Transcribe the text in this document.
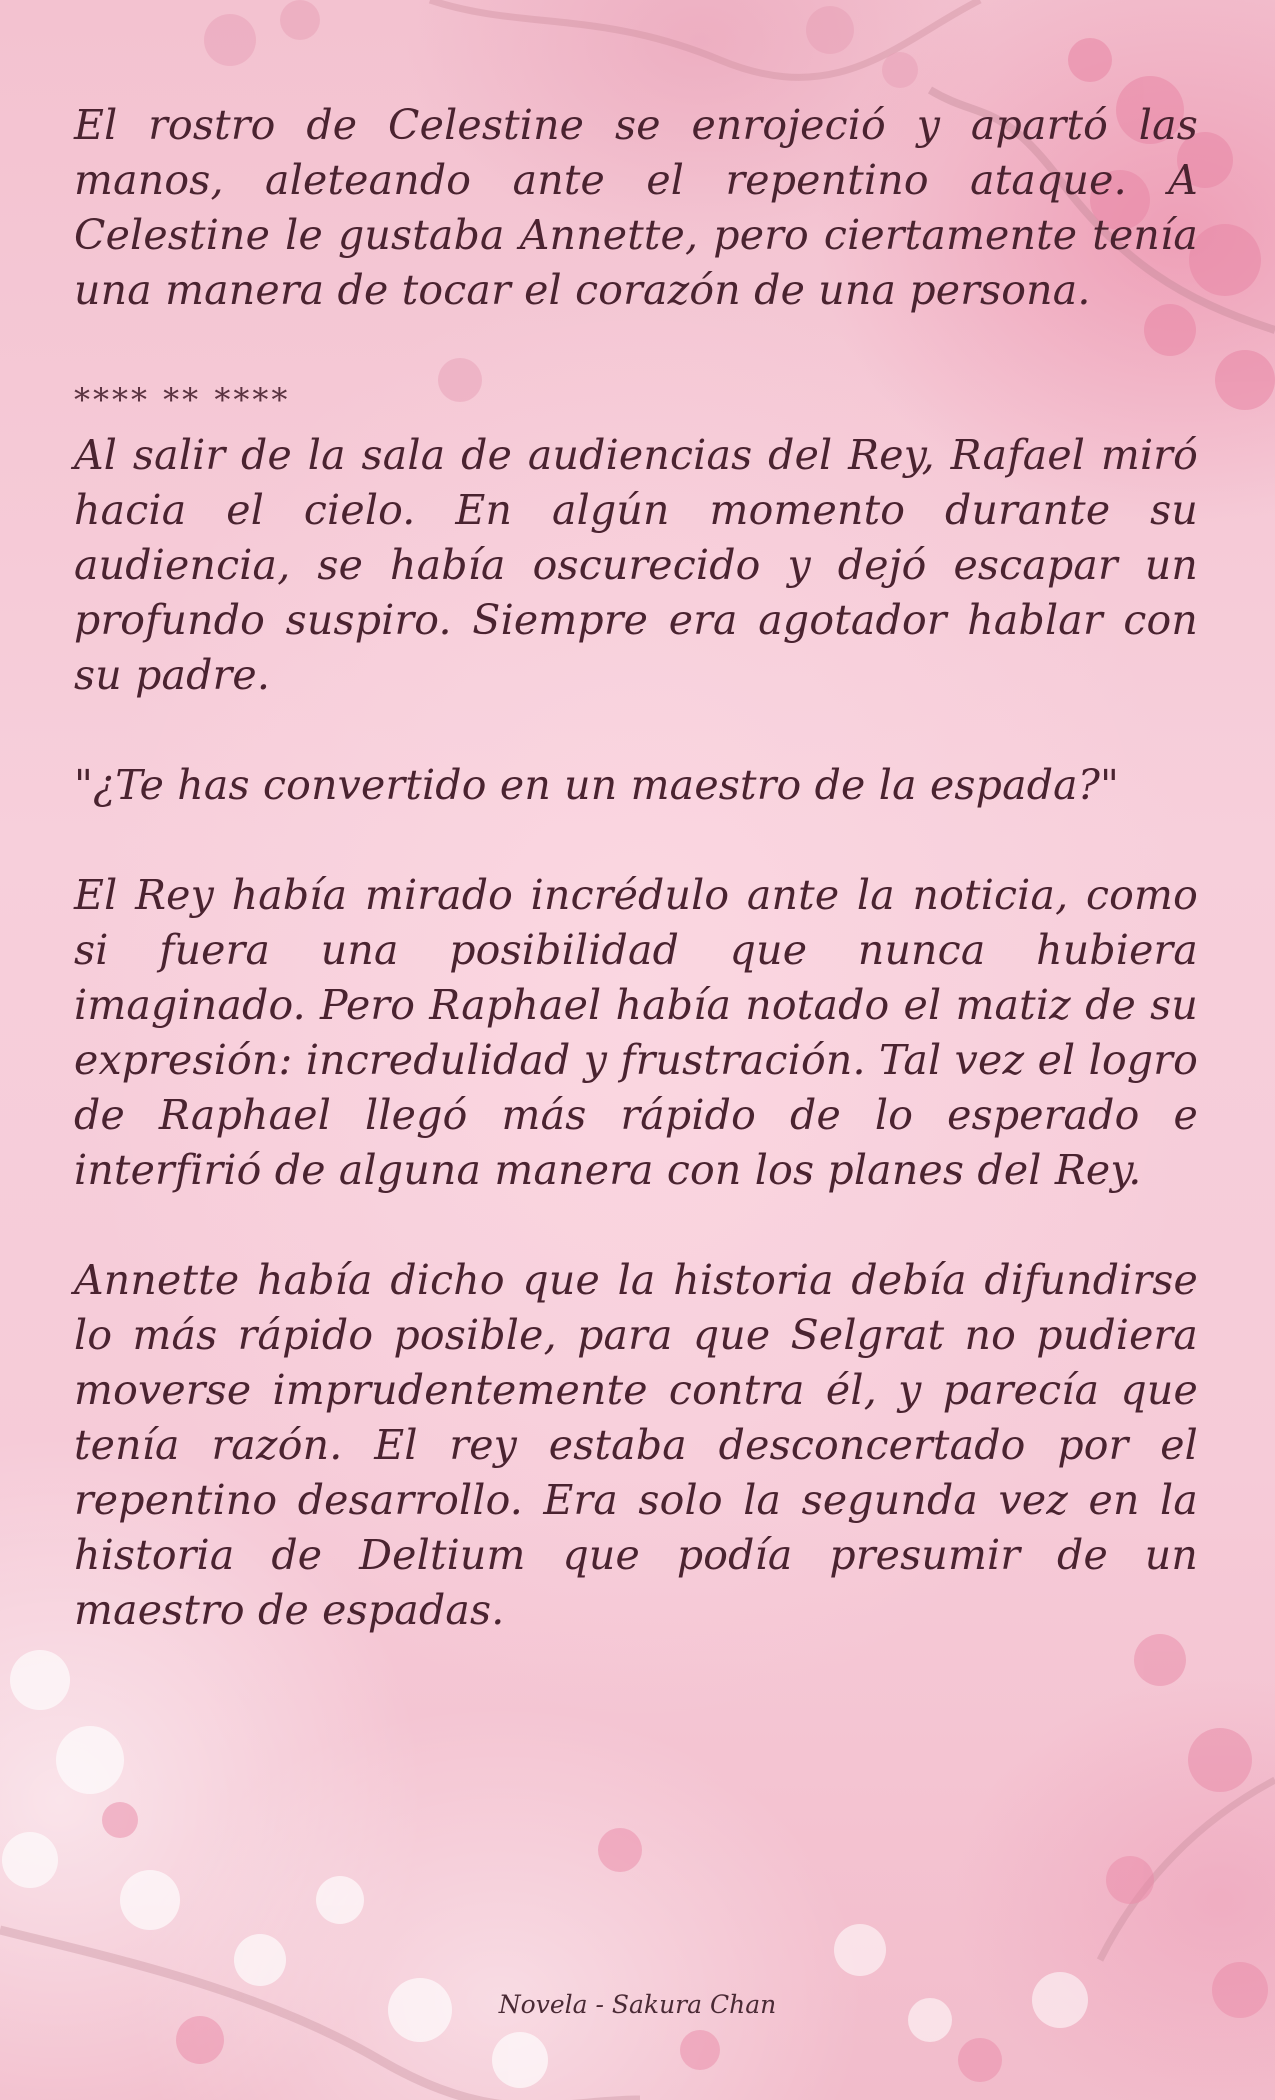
El rostro de Celestine se enrojeció y apartó las manos, aleteando ante el repentino ataque. A Celestine le gustaba Annette, pero ciertamente tenía una manera de tocar el corazón de una persona.

**** ** ****

Al salir de la sala de audiencias del Rey, Rafael miró hacia el cielo. En algún momento durante su audiencia, se había oscurecido y dejó escapar un profundo suspiro. Siempre era agotador hablar con su padre.

"¿Te has convertido en un maestro de la espada?"

El Rey había mirado incrédulo ante la noticia, como si fuera una posibilidad que nunca hubiera imaginado. Pero Raphael había notado el matiz de su expresión: incredulidad y frustración. Tal vez el logro de Raphael llegó más rápido de lo esperado e interfirió de alguna manera con los planes del Rey.

Annette había dicho que la historia debía difundirse lo más rápido posible, para que Selgrat no pudiera moverse imprudentemente contra él, y parecía que tenía razón. El rey estaba desconcertado por el repentino desarrollo. Era solo la segunda vez en la historia de Deltium que podía presumir de un maestro de espadas.

Novela - Sakura Chan
